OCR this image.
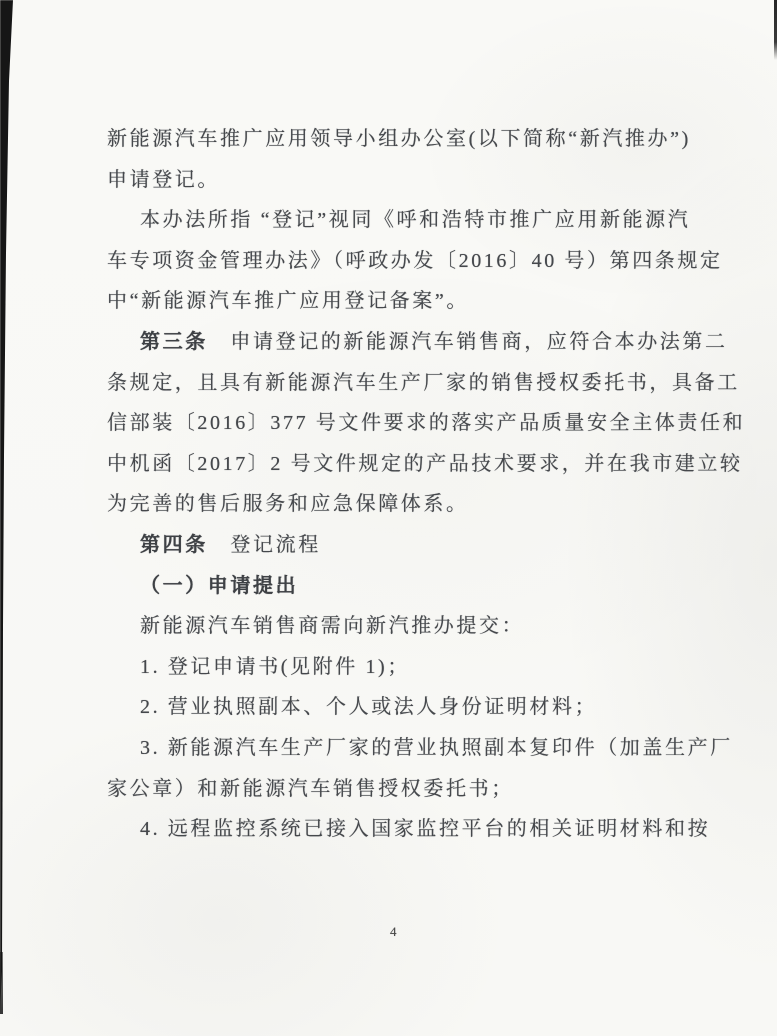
新能源汽车推广应用领导小组办公室(以下简称“新汽推办”)
申请登记。
本办法所指 “登记”视同《呼和浩特市推广应用新能源汽
车专项资金管理办法》（呼政办发〔2016〕40 号）第四条规定
中“新能源汽车推广应用登记备案”。
第三条　申请登记的新能源汽车销售商，应符合本办法第二
条规定，且具有新能源汽车生产厂家的销售授权委托书，具备工
信部装〔2016〕377 号文件要求的落实产品质量安全主体责任和
中机函〔2017〕2 号文件规定的产品技术要求，并在我市建立较
为完善的售后服务和应急保障体系。
第四条　登记流程
（一）申请提出
新能源汽车销售商需向新汽推办提交：
1. 登记申请书(见附件 1)；
2. 营业执照副本、个人或法人身份证明材料；
3. 新能源汽车生产厂家的营业执照副本复印件（加盖生产厂
家公章）和新能源汽车销售授权委托书；
4. 远程监控系统已接入国家监控平台的相关证明材料和按
4
